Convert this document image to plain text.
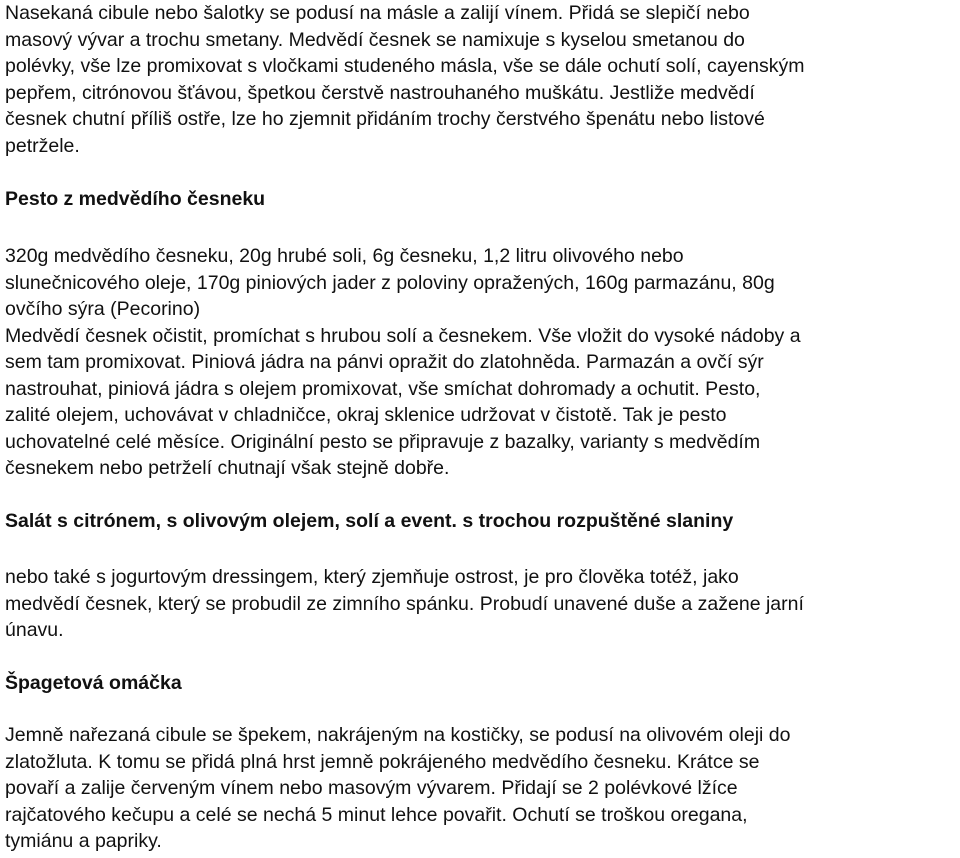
Nasekaná cibule nebo šalotky se podusí na másle a zalijí vínem. Přidá se slepičí nebo
masový vývar a trochu smetany. Medvědí česnek se namixuje s kyselou smetanou do
polévky, vše lze promixovat s vločkami studeného másla, vše se dále ochutí solí, cayenským
pepřem, citrónovou šťávou, špetkou čerstvě nastrouhaného muškátu. Jestliže medvědí
česnek chutní příliš ostře, lze ho zjemnit přidáním trochy čerstvého špenátu nebo listové
petržele.
Pesto z medvědího česneku
320g medvědího česneku, 20g hrubé soli, 6g česneku, 1,2 litru olivového nebo
slunečnicového oleje, 170g piniových jader z poloviny opražených, 160g parmazánu, 80g
ovčího sýra (Pecorino)
Medvědí česnek očistit, promíchat s hrubou solí a česnekem. Vše vložit do vysoké nádoby a
sem tam promixovat. Piniová jádra na pánvi opražit do zlatohněda. Parmazán a ovčí sýr
nastrouhat, piniová jádra s olejem promixovat, vše smíchat dohromady a ochutit. Pesto,
zalité olejem, uchovávat v chladničce, okraj sklenice udržovat v čistotě. Tak je pesto
uchovatelné celé měsíce. Originální pesto se připravuje z bazalky, varianty s medvědím
česnekem nebo petrželí chutnají však stejně dobře.
Salát s citrónem, s olivovým olejem, solí a event. s trochou rozpuštěné slaniny
nebo také s jogurtovým dressingem, který zjemňuje ostrost, je pro člověka totéž, jako
medvědí česnek, který se probudil ze zimního spánku. Probudí unavené duše a zažene jarní
únavu.
Špagetová omáčka
Jemně nařezaná cibule se špekem, nakrájeným na kostičky, se podusí na olivovém oleji do
zlatožluta. K tomu se přidá plná hrst jemně pokrájeného medvědího česneku. Krátce se
povaří a zalije červeným vínem nebo masovým vývarem. Přidají se 2 polévkové lžíce
rajčatového kečupu a celé se nechá 5 minut lehce povařit. Ochutí se troškou oregana,
tymiánu a papriky.
